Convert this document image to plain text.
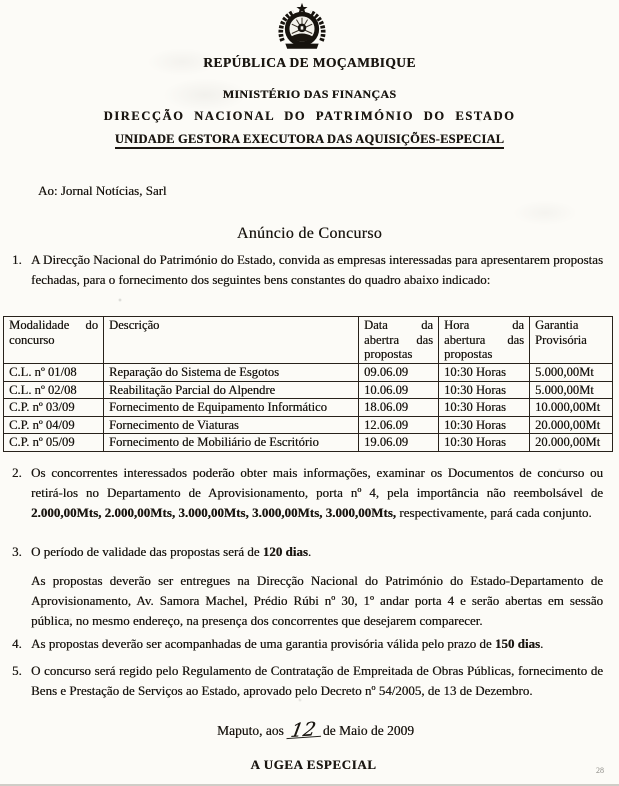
REPÚBLICA DE MOÇAMBIQUE
MINISTÉRIO DAS FINANÇAS
DIRECÇÃO NACIONAL DO PATRIMÓNIO DO ESTADO
UNIDADE GESTORA EXECUTORA DAS AQUISIÇÕES-ESPECIAL
Ao: Jornal Notícias, Sarl
Anúncio de Concurso
1. A Direcção Nacional do Património do Estado, convida as empresas interessadas para apresentarem propostas fechadas, para o fornecimento dos seguintes bens constantes do quadro abaixo indicado:
Modalidade do concurso	Descrição	Data da abertra das propostas	Hora da abertura das propostas	Garantia Provisória
C.L. nº 01/08	Reparação do Sistema de Esgotos	09.06.09	10:30 Horas	5.000,00Mt
C.L. nº 02/08	Reabilitação Parcial do Alpendre	10.06.09	10:30 Horas	5.000,00Mt
C.P. nº 03/09	Fornecimento de Equipamento Informático	18.06.09	10:30 Horas	10.000,00Mt
C.P. nº 04/09	Fornecimento de Viaturas	12.06.09	10:30 Horas	20.000,00Mt
C.P. nº 05/09	Fornecimento de Mobiliário de Escritório	19.06.09	10:30 Horas	20.000,00Mt
2. Os concorrentes interessados poderão obter mais informações, examinar os Documentos de concurso ou retirá-los no Departamento de Aprovisionamento, porta nº 4, pela importância não reembolsável de 2.000,00Mts, 2.000,00Mts, 3.000,00Mts, 3.000,00Mts, 3.000,00Mts, respectivamente, pará cada conjunto.
3. O período de validade das propostas será de 120 dias.
As propostas deverão ser entregues na Direcção Nacional do Património do Estado-Departamento de Aprovisionamento, Av. Samora Machel, Prédio Rúbi nº 30, 1º andar porta 4 e serão abertas em sessão pública, no mesmo endereço, na presença dos concorrentes que desejarem comparecer.
4. As propostas deverão ser acompanhadas de uma garantia provisória válida pelo prazo de 150 dias.
5. O concurso será regido pelo Regulamento de Contratação de Empreitada de Obras Públicas, fornecimento de Bens e Prestação de Serviços ao Estado, aprovado pelo Decreto nº 54/2005, de 13 de Dezembro.
Maputo, aos 12 de Maio de 2009
A UGEA ESPECIAL	28
